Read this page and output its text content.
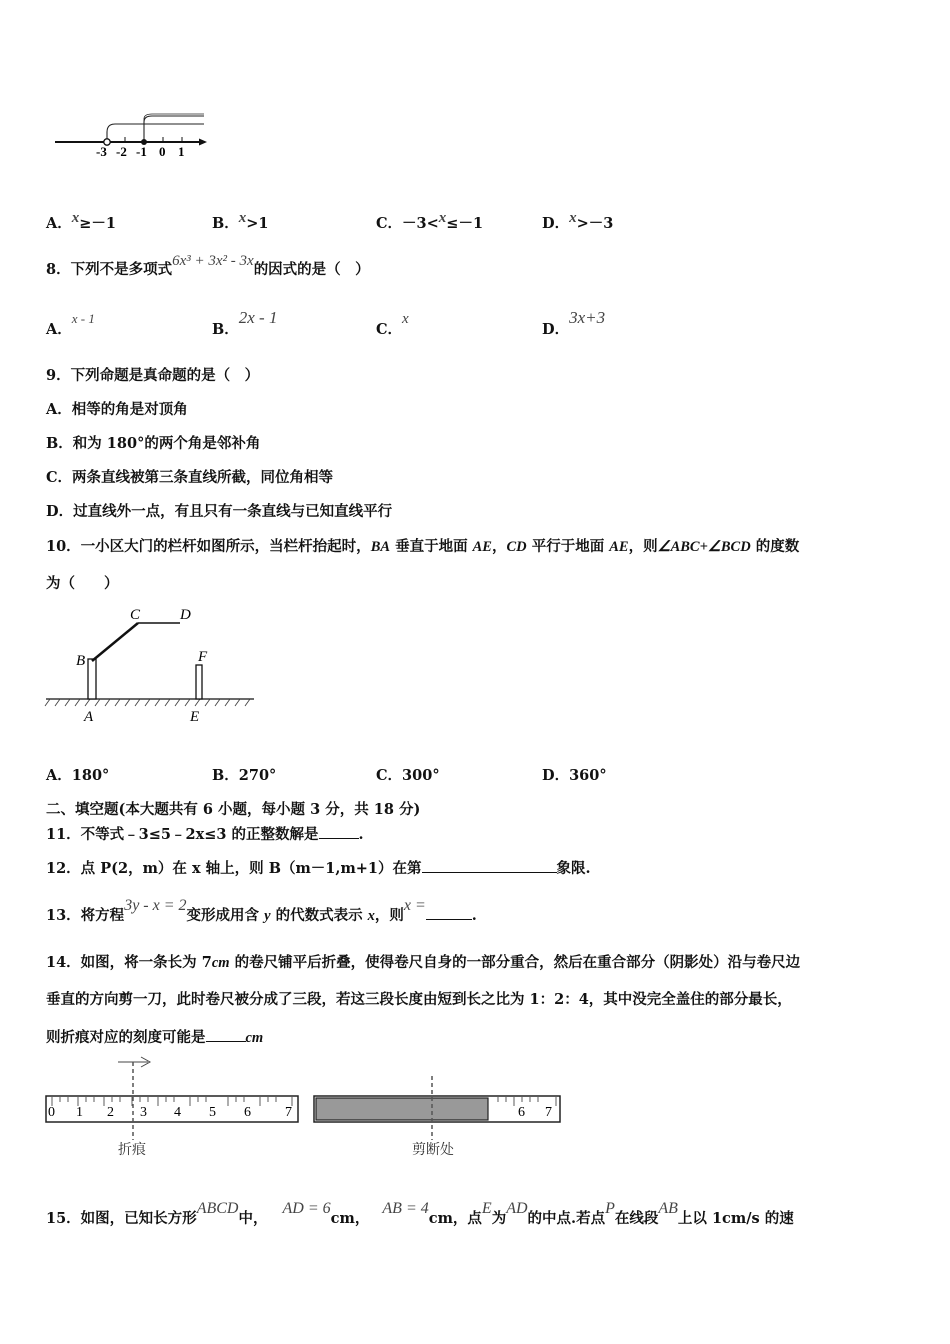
-3 -2 -1 0 1
A．x≥－1	B．x>1	C．－3<x≤－1	D．x>－3
8．下列不是多项式6x³ + 3x² - 3x的因式的是（　）
A．x - 1
B．2x - 1
C．x
D．3x+3
9．下列命题是真命题的是（　）
A．相等的角是对顶角
B．和为 180°的两个角是邻补角
C．两条直线被第三条直线所截，同位角相等
D．过直线外一点，有且只有一条直线与已知直线平行
10．一小区大门的栏杆如图所示，当栏杆抬起时，BA 垂直于地面 AE，CD 平行于地面 AE，则∠ABC+∠BCD 的度数
为（　　）
B
C	D
F
A	E
A．180°	B．270°	C．300°	D．360°
二、填空题(本大题共有 6 小题，每小题 3 分，共 18 分)
11．不等式﹣3≤5﹣2x≤3 的正整数解是	.
12．点 P(2，m）在 x 轴上，则 B（m－1,m+1）在第	象限.
13．将方程3y - x = 2变形成用含 y 的代数式表示 x，则x =.
14．如图，将一条长为 7cm 的卷尺铺平后折叠，使得卷尺自身的一部分重合，然后在重合部分（阴影处）沿与卷尺边
垂直的方向剪一刀，此时卷尺被分成了三段，若这三段长度由短到长之比为 1：2：4，其中没完全盖住的部分最长，
则折痕对应的刻度可能是	cm
0 1 2 3 4 5 6 7
折痕
6 7
剪断处
15．如图，已知长方形ABCD中， AD = 6cm， AB = 4cm，点E为AD的中点.若点P在线段AB上以 1cm/s 的速
